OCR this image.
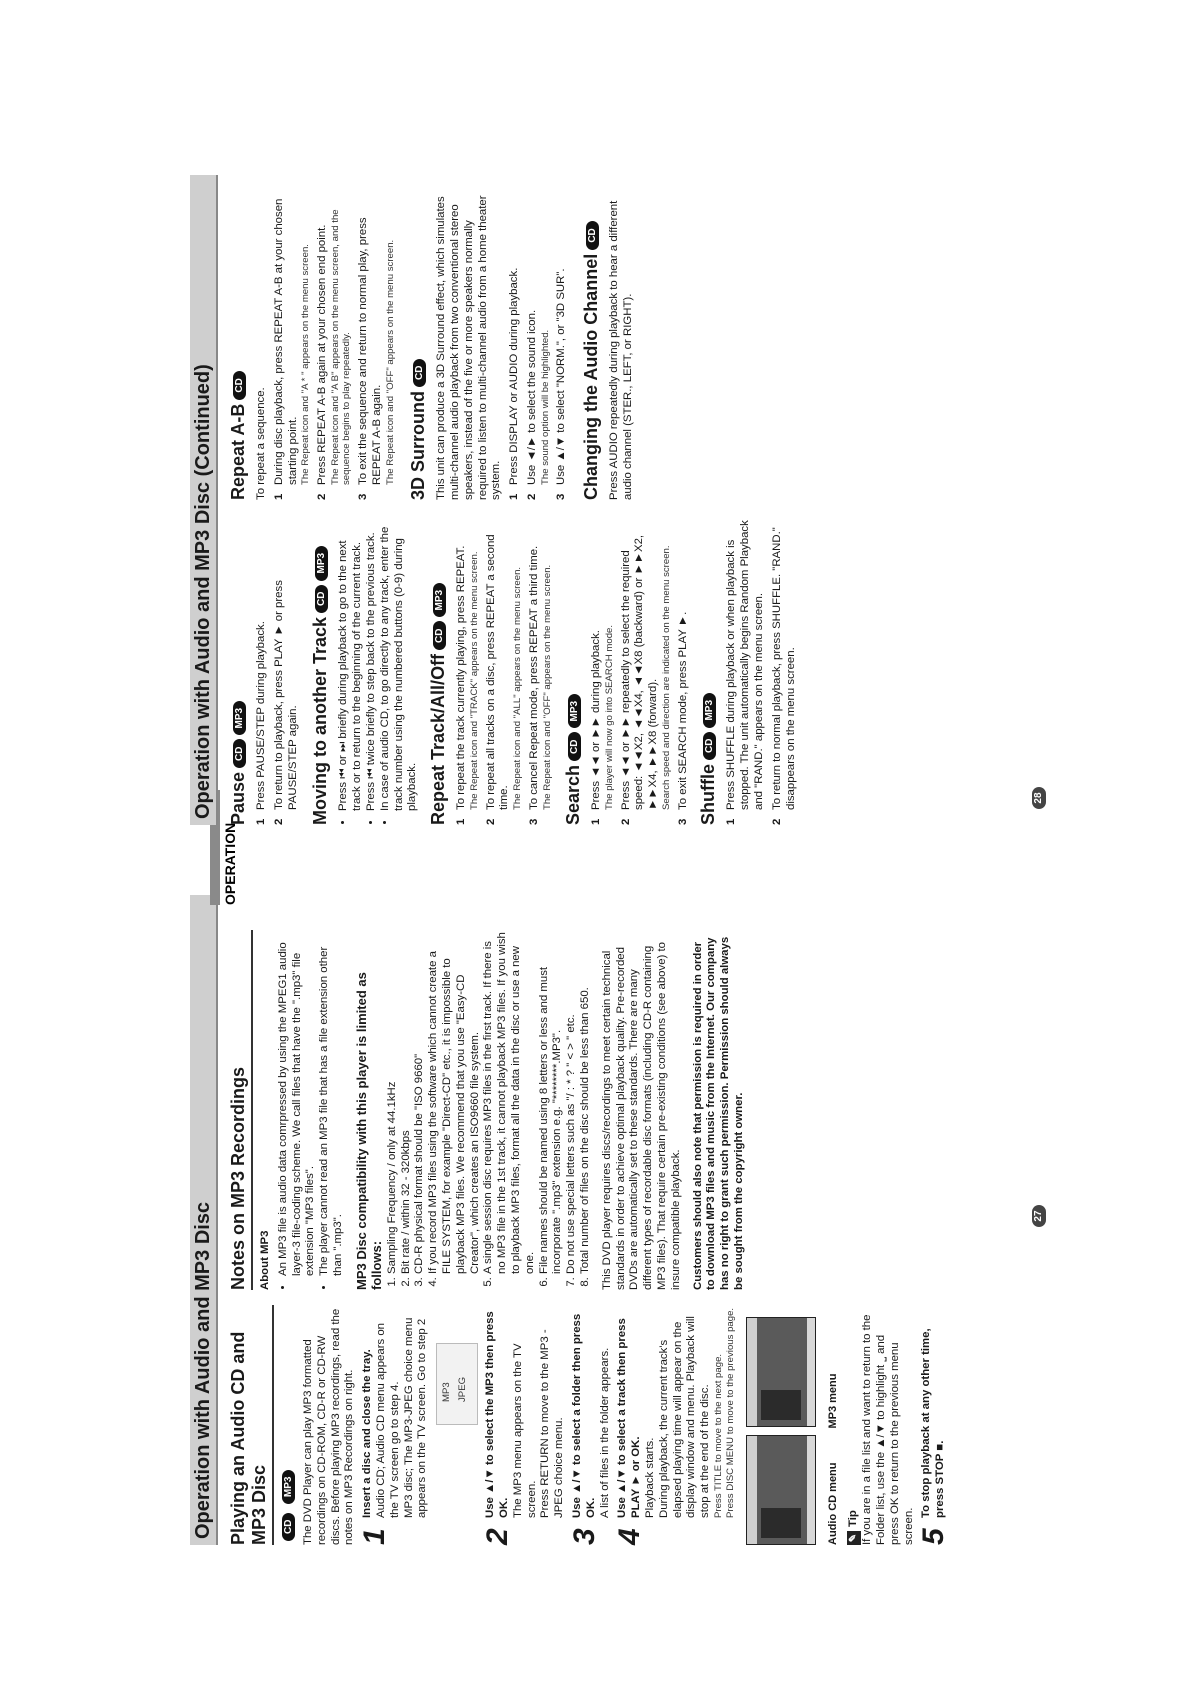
Operation with Audio and MP3 Disc Playing an Audio CD and MP3 Disc	CD MP3 The DVD Player can play MP3 formatted recordings on CD-ROM, CD-R or CD-RW discs. Before playing MP3 recordings, read the notes on MP3 Recordings on right. 1

Insert a disc and close the tray. Audio CD; Audio CD menu appears on the TV screen go to step 4. MP3 disc; The MP3-JPEG choice menu appears on the TV screen. Go to step 2	MP3 JPEG
2

Use ▲/▼ to select the MP3 then press OK. The MP3 menu appears on the TV screen. Press RETURN to move to the MP3 -JPEG choice menu.

3

Use ▲/▼ to select a folder then press OK. A list of files in the folder appears.

4

Use ▲/▼ to select a track then press PLAY ► or OK. Playback starts. During playback, the current track's elapsed playing time will appear on the display window and menu. Playback will stop at the end of the disc. Press TITLE to move to the next page. Press DISC MENU to move to the previous page.

	Audio CD menu MP3 menu

✎Tip If you are in a file list and want to return to the Folder list, use the ▲/▼ to highlight ⎵ and press OK to return to the previous menu screen. 5

To stop playback at any other time, press STOP ■.

Notes on MP3 Recordings About MP3 • An MP3 file is audio data comrpressed by using the MPEG1 audio layer-3 file-coding scheme. We call files that have the ".mp3" file extension "MP3 files". • The player cannot read an MP3 file that has a file extension other than ".mp3". MP3 Disc compatibility with this player is limited as follows: 1. Sampling Frequency / only at 44.1kHz 2. Bit rate / within 32 - 320kbps 3. CD-R physical format should be "ISO 9660" 4. If you record MP3 files using the software which cannot create a FILE SYSTEM, for example "Direct-CD" etc., it is impossible to playback MP3 files. We recommend that you use "Easy-CD Creator", which creates an ISO9660 file system. 5. A single session disc requires MP3 files in the first track. If there is no MP3 file in the 1st track, it cannot playback MP3 files. If you wish to playback MP3 files, format all the data in the disc or use a new one. 6. File names should be named using 8 letters or less and must incorporate ".mp3" extension e.g. "********.MP3". 7. Do not use special letters such as "/ : * ? " < > " etc. 8. Total number of files on the disc should be less than 650. This DVD player requires discs/recordings to meet certain technical standards in order to achieve optimal playback quality. Pre-recorded DVDs are automatically set to these standards. There are many different types of recordable disc formats (including CD-R containing MP3 files). That require certain pre-existing conditions (see above) to insure compatible playback. Customers should also note that permission is required in order to download MP3 files and music from the Internet. Our company has no right to grant such permission. Permission should always be sought from the copyright owner.	27
OPERATION
Operation with Audio and MP3 Disc (Continued) PauseCDMP3
1

Press PAUSE/STEP during playback.

2

To return to playback, press PLAY ► or press PAUSE/STEP again. Moving to another TrackCDMP3 • Press ⏮ or ⏭ briefly during playback to go to the next track or to return to the beginning of the current track. • Press ⏮ twice briefly to step back to the previous track. • In case of audio CD, to go directly to any track, enter the track number using the numbered buttons (0-9) during playback. Repeat Track/All/OffCDMP3
1

To repeat the track currently playing, press REPEAT. The Repeat icon and "TRACK" appears on the menu screen.

2

To repeat all tracks on a disc, press REPEAT a second time. The Repeat icon and "ALL" appears on the menu screen.

3

To cancel Repeat mode, press REPEAT a third time. The Repeat icon and "OFF" appears on the menu screen. SearchCDMP3
1

Press ◄◄ or ►► during playback. The player will now go into SEARCH mode.

2

Press ◄◄ or ►► repeatedly to select the required speed: ◄◄X2, ◄◄X4, ◄◄X8 (backward) or ►►X2, ►►X4, ►►X8 (forward). Search speed and direction are indicated on the menu screen.

3

To exit SEARCH mode, press PLAY ►. ShuffleCDMP3
1

Press SHUFFLE during playback or when playback is stopped. The unit automatically begins Random Playback and "RAND." appears on the menu screen.

2

To return to normal playback, press SHUFFLE. "RAND." disappears on the menu screen.

Repeat A-BCD

To repeat a sequence. 1

During disc playback, press REPEAT A-B at your chosen starting point. The Repeat icon and "A * " appears on the menu screen.

2

Press REPEAT A-B again at your chosen end point. The Repeat icon and "A B" appears on the menu screen, and the sequence begins to play repeatedly.

3

To exit the sequence and return to normal play, press REPEAT A-B again. The Repeat icon and "OFF" appears on the menu screen. 3D SurroundCD This unit can produce a 3D Surround effect, which simulates multi-channel audio playback from two conventional stereo speakers, instead of the five or more speakers normally required to listen to multi-channel audio from a home theater system. 1

Press DISPLAY or AUDIO during playback.

2

Use ◄/► to select the sound icon. The sound option will be highlighted.

3

Use ▲/▼ to select "NORM.", or "3D SUR". Changing the Audio ChannelCD Press AUDIO repeatedly during playback to hear a different audio channel (STER., LEFT, or RIGHT).

28
